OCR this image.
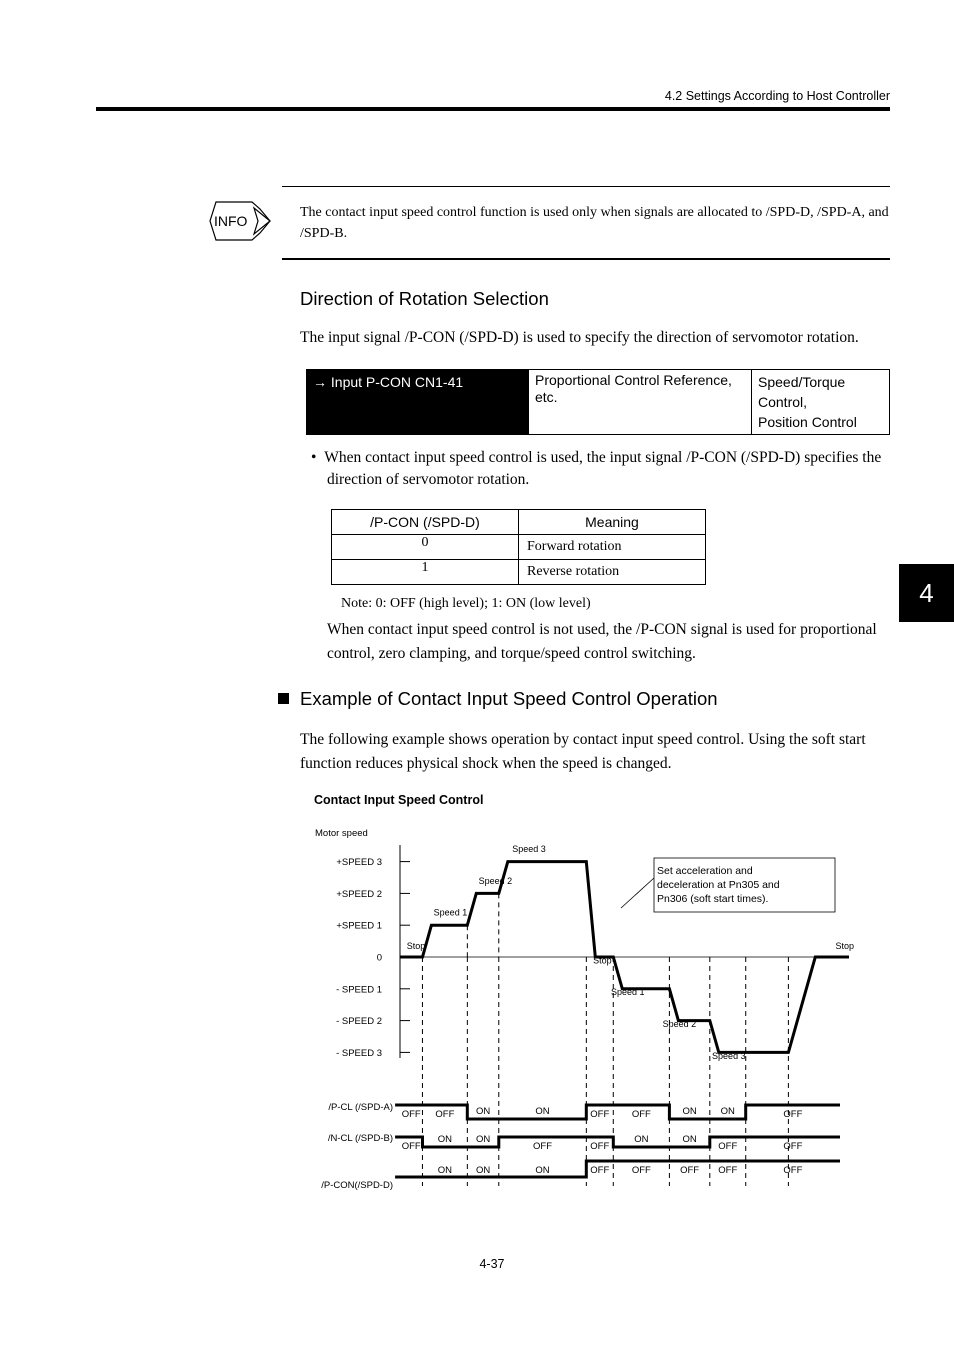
4.2 Settings According to Host Controller
INFO
The contact input speed control function is used only when signals are allocated to /SPD-D, /SPD-A, and /SPD-B.
Direction of Rotation Selection
The input signal /P-CON (/SPD-D) is used to specify the direction of servomotor rotation.
→ Input P-CON CN1-41	Proportional Control Reference, etc.	
Speed/Torque
Control,
Position Control
•  When contact input speed control is used, the input signal /P-CON (/SPD-D) specifies the direction of servomotor rotation.
/P-CON (/SPD-D)	Meaning
0	Forward rotation
1	Reverse rotation
Note: 0: OFF (high level); 1: ON (low level)
When contact input speed control is not used, the /P-CON signal is used for proportional control, zero clamping, and torque/speed control switching.
Example of Contact Input Speed Control Operation
The following example shows operation by contact input speed control. Using the soft start function reduces physical shock when the speed is changed.
Contact Input Speed Control
Motor speed
+SPEED 3
+SPEED 2
+SPEED 1
0
- SPEED 1
- SPEED 2
- SPEED 3
Stop
Speed 1
Speed 2
Speed 3
Stop
Speed 1
Speed 2
Speed 3
Stop
Set acceleration and
deceleration at Pn305 and
Pn306 (soft start times).
/P-CL (/SPD-A)
OFF OFF ON	ON	OFF OFF	ON	ON	OFF
/N-CL (/SPD-B)
OFF
ON	ON
OFF	OFF
ON	ON
OFF	OFF
/P-CON(/SPD-D)
ON	ON	ON	OFF OFF	OFF OFF	OFF
4
4-37
